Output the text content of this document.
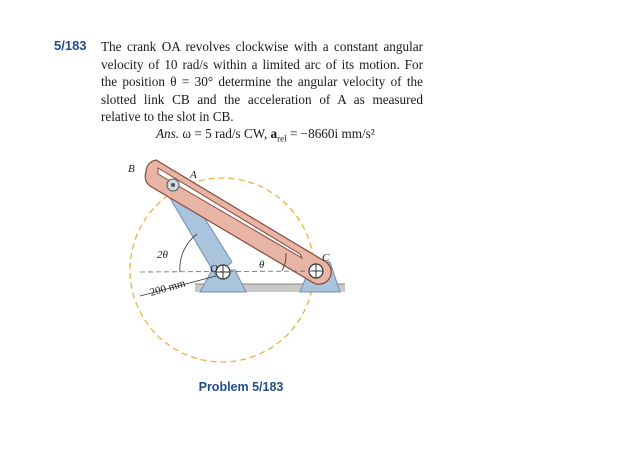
5/183 The crank OA revolves clockwise with a constant angular velocity of 10 rad/s within a limited arc of its motion. For the position θ = 30° determine the angular velocity of the slotted link CB and the acceleration of A as measured relative to the slot in CB.
Ans. ω = 5 rad/s CW, $a_{rel} = -8660i$ mm/s²
B	A
O
C
2θ
θ
200 mm
Problem 5/183
